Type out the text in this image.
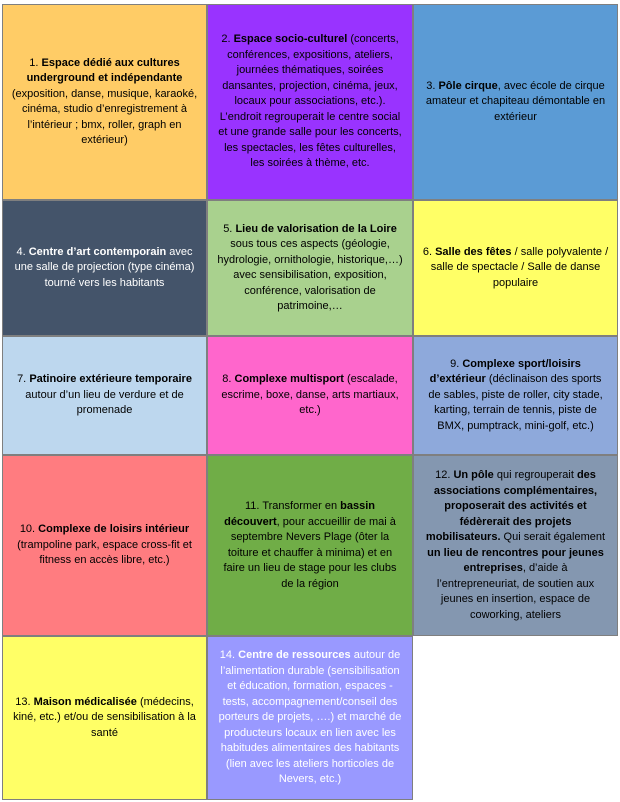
1. Espace dédié aux cultures underground et indépendante (exposition, danse, musique, karaoké, cinéma, studio d’enregistrement à l’intérieur ; bmx, roller, graph en extérieur)
2. Espace socio-culturel (concerts, conférences, expositions, ateliers, journées thématiques, soirées dansantes, projection, cinéma, jeux, locaux pour associations, etc.). L’endroit regrouperait le centre social et une grande salle pour les concerts, les spectacles, les fêtes culturelles, les soirées à thème, etc.
3. Pôle cirque, avec école de cirque amateur et chapiteau démontable en extérieur
4. Centre d’art contemporain avec une salle de projection (type cinéma) tourné vers les habitants
5. Lieu de valorisation de la Loire sous tous ces aspects (géologie, hydrologie, ornithologie, historique,…) avec sensibilisation, exposition, conférence, valorisation de patrimoine,…
6. Salle des fêtes / salle polyvalente / salle de spectacle / Salle de danse populaire
7. Patinoire extérieure temporaire autour d’un lieu de verdure et de promenade
8. Complexe multisport (escalade, escrime, boxe, danse, arts martiaux, etc.)
9. Complexe sport/loisirs d’extérieur (déclinaison des sports de sables, piste de roller, city stade, karting, terrain de tennis, piste de BMX, pumptrack, mini-golf, etc.)
10. Complexe de loisirs intérieur (trampoline park, espace cross-fit et fitness en accès libre, etc.)
11. Transformer en bassin découvert, pour accueillir de mai à septembre Nevers Plage (ôter la toiture et chauffer à minima) et en faire un lieu de stage pour les clubs de la région
12. Un pôle qui regrouperait des associations complémentaires, proposerait des activités et fédèrerait des projets mobilisateurs. Qui serait également un lieu de rencontres pour jeunes entreprises, d’aide à l’entrepreneuriat, de soutien aux jeunes en insertion, espace de coworking, ateliers
13. Maison médicalisée (médecins, kiné, etc.) et/ou de sensibilisation à la santé
14. Centre de ressources autour de l’alimentation durable (sensibilisation et éducation, formation, espaces - tests, accompagnement/conseil des porteurs de projets, ….) et marché de producteurs locaux en lien avec les habitudes alimentaires des habitants (lien avec les ateliers horticoles de Nevers, etc.)
